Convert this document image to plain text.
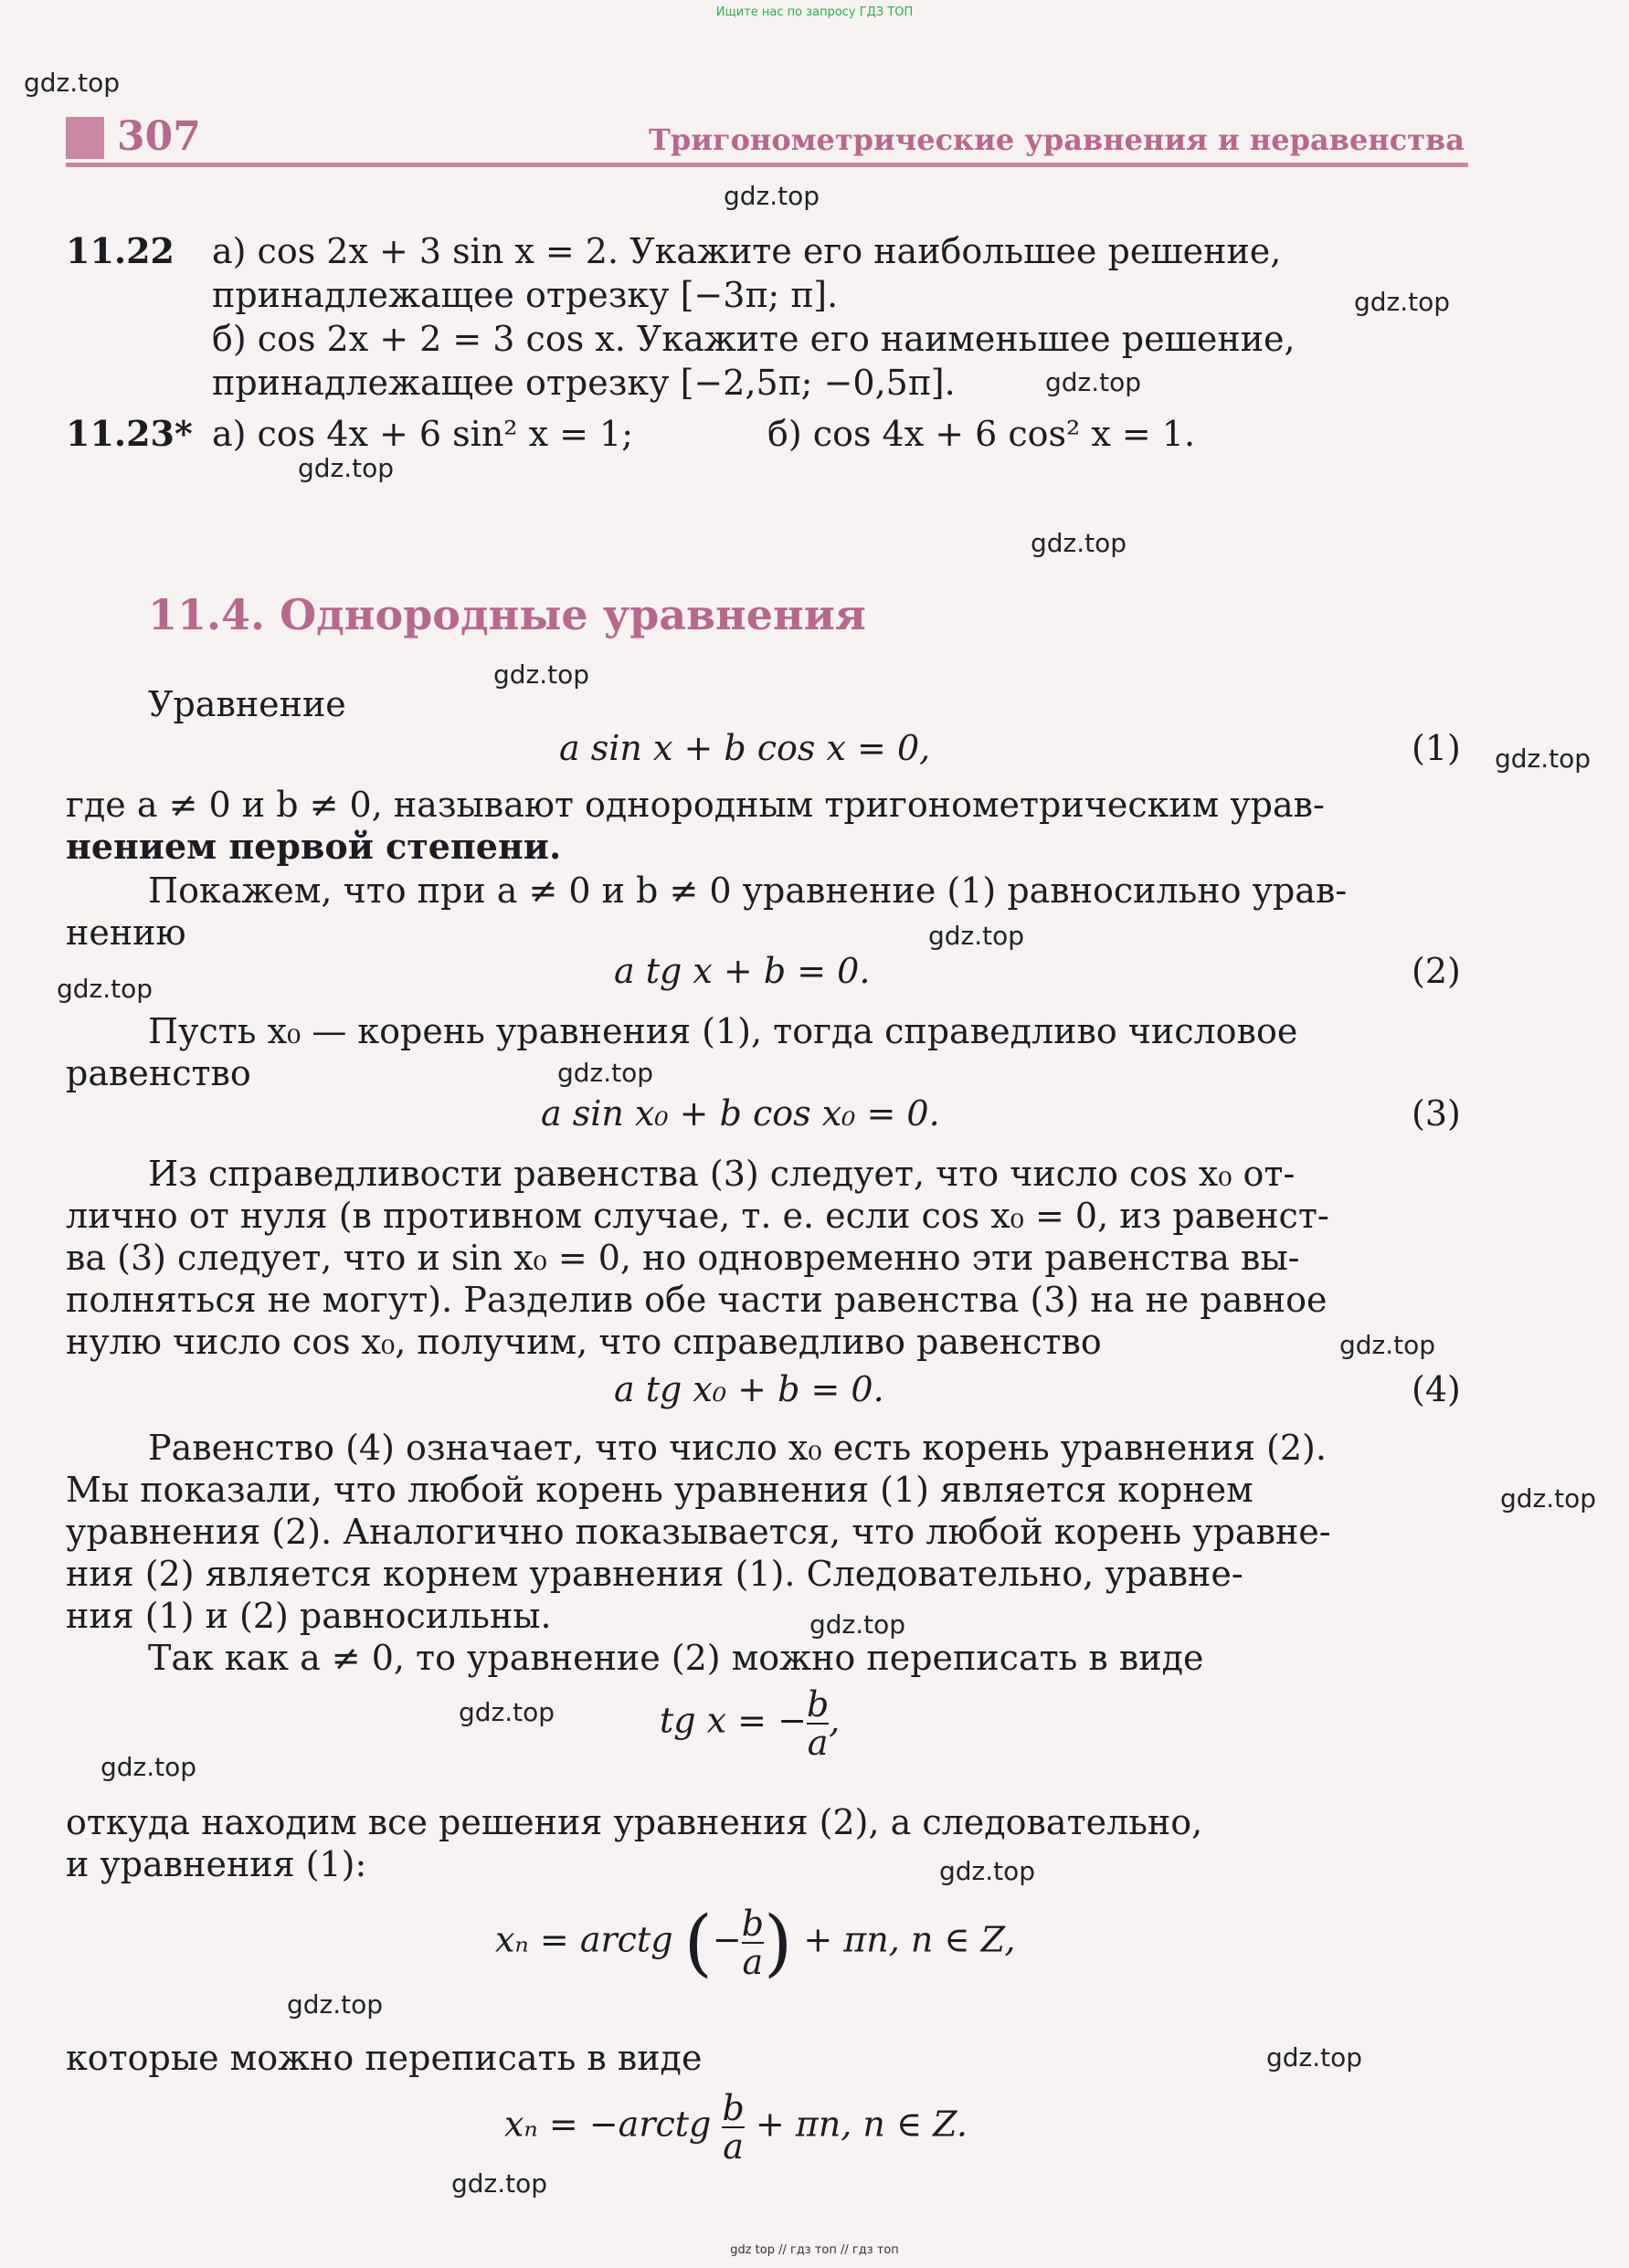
Ищите нас по запросу ГДЗ ТОП
307	Тригонометрические уравнения и неравенства
11.22 а) cos 2x + 3 sin x = 2. Укажите его наибольшее решение,
принадлежащее отрезку [−3π; π].
б) cos 2x + 2 = 3 cos x. Укажите его наименьшее решение,
принадлежащее отрезку [−2,5π; −0,5π].
11.23* а) cos 4x + 6 sin² x = 1;	б) cos 4x + 6 cos² x = 1.
11.4. Однородные уравнения
Уравнение
a sin x + b cos x = 0,	(1)
где a ≠ 0 и b ≠ 0, называют однородным тригонометрическим урав-
нением первой степени.
Покажем, что при a ≠ 0 и b ≠ 0 уравнение (1) равносильно урав-
нению
a tg x + b = 0.	(2)
Пусть x₀ — корень уравнения (1), тогда справедливо числовое
равенство
a sin x₀ + b cos x₀ = 0.	(3)
Из справедливости равенства (3) следует, что число cos x₀ от-
лично от нуля (в противном случае, т. е. если cos x₀ = 0, из равенст-
ва (3) следует, что и sin x₀ = 0, но одновременно эти равенства вы-
полняться не могут). Разделив обе части равенства (3) на не равное
нулю число cos x₀, получим, что справедливо равенство
a tg x₀ + b = 0.	(4)
Равенство (4) означает, что число x₀ есть корень уравнения (2).
Мы показали, что любой корень уравнения (1) является корнем
уравнения (2). Аналогично показывается, что любой корень уравне-
ния (2) является корнем уравнения (1). Следовательно, уравне-
ния (1) и (2) равносильны.
Так как a ≠ 0, то уравнение (2) можно переписать в виде
tg x = − $\frac{b}{a}$ ,
откуда находим все решения уравнения (2), а следовательно,
и уравнения (1):
xₙ = arctg (− $\frac{b}{a}$ ) + πn, n ∈ Z,
которые можно переписать в виде
xₙ = −arctg $\frac{b}{a} + \pi n$, n ∈ Z.
gdz.top
gdz.top
gdz.top
gdz.top
gdz.top
gdz.top
gdz.top
gdz.top
gdz.top
gdz.top
gdz.top
gdz.top
gdz.top
gdz.top
gdz.top
gdz.top
gdz.top
gdz.top
gdz.top
gdz.top
gdz top // гдз топ // гдз топ
